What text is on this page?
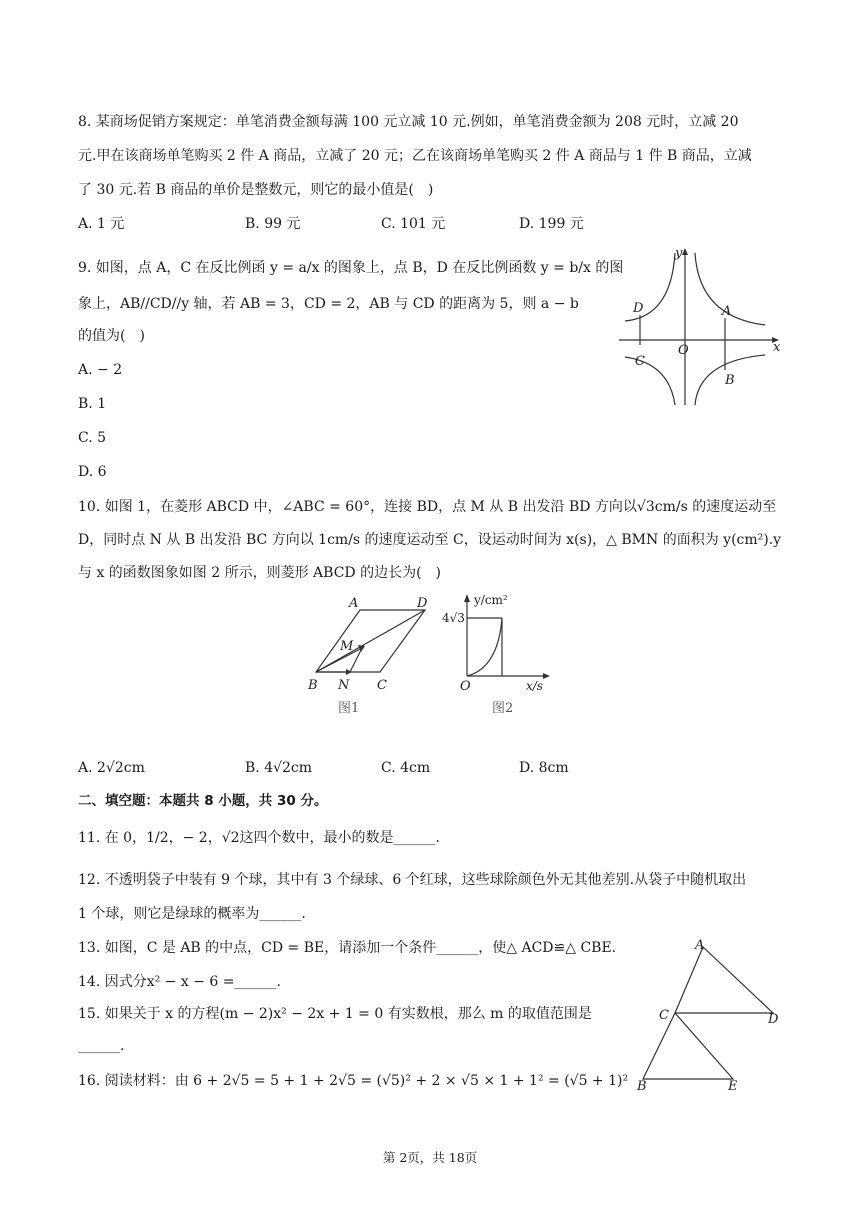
8. 某商场促销方案规定：单笔消费金额每满 100 元立减 10 元.例如，单笔消费金额为 208 元时，立减 20
元.甲在该商场单笔购买 2 件 A 商品，立减了 20 元；乙在该商场单笔购买 2 件 A 商品与 1 件 B 商品，立减
了 30 元.若 B 商品的单价是整数元，则它的最小值是(　)
A. 1 元	B. 99 元	C. 101 元	D. 199 元
9. 如图，点 A，C 在反比例函 y = a/x 的图象上，点 B，D 在反比例函数 y = b/x 的图
象上，AB//CD//y 轴，若 AB = 3，CD = 2，AB 与 CD 的距离为 5，则 a − b
的值为(　)
A. − 2
B. 1
C. 5
D. 6
y
x
O
A
B
C
D
10. 如图 1，在菱形 ABCD 中，∠ABC = 60°，连接 BD，点 M 从 B 出发沿 BD 方向以√3cm/s 的速度运动至
D，同时点 N 从 B 出发沿 BC 方向以 1cm/s 的速度运动至 C，设运动时间为 x(s)，△ BMN 的面积为 y(cm²).y
与 x 的函数图象如图 2 所示，则菱形 ABCD 的边长为(　)
A	D
M
B N C
图1
y/cm²
4√3
x/s
O
图2
A. 2√2cm	B. 4√2cm	C. 4cm	D. 8cm
二、填空题：本题共 8 小题，共 30 分。
11. 在 0，1/2，− 2，√2这四个数中，最小的数是______.
12. 不透明袋子中装有 9 个球，其中有 3 个绿球、6 个红球，这些球除颜色外无其他差别.从袋子中随机取出
1 个球，则它是绿球的概率为______.
13. 如图，C 是 AB 的中点，CD = BE，请添加一个条件______，使△ ACD≌△ CBE.	A
C	D
B	E
14. 因式分x² − x − 6 =______.
15. 如果关于 x 的方程(m − 2)x² − 2x + 1 = 0 有实数根，那么 m 的取值范围是
______.
16. 阅读材料：由 6 + 2√5 = 5 + 1 + 2√5 = (√5)² + 2 × √5 × 1 + 1² = (√5 + 1)²
第 2页，共 18页
